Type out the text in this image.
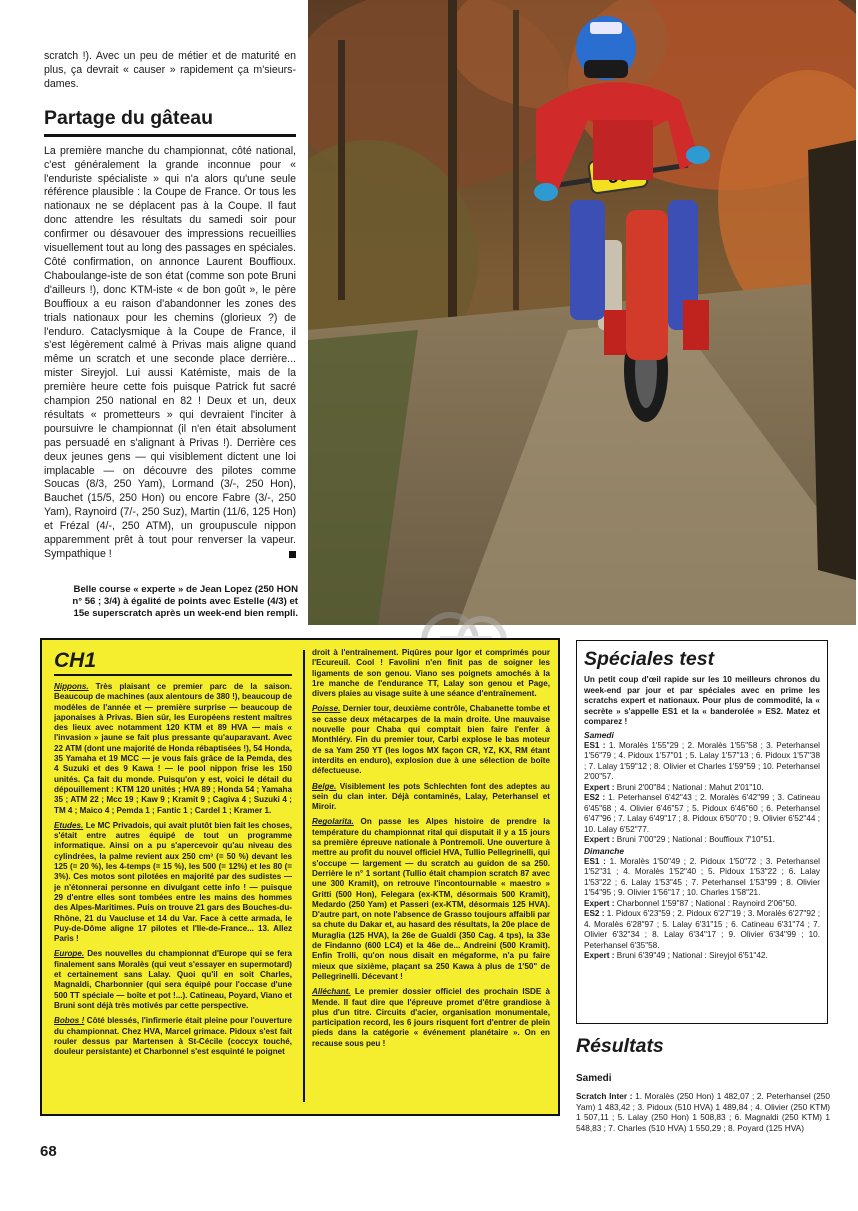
scratch !). Avec un peu de métier et de maturité en plus, ça devrait « causer » rapidement ça m'sieurs-dames.

Partage du gâteau

La première manche du championnat, côté national, c'est généralement la grande inconnue pour « l'enduriste spécialiste » qui n'a alors qu'une seule référence plausible : la Coupe de France. Or tous les nationaux ne se déplacent pas à la Coupe. Il faut donc attendre les résultats du samedi soir pour confirmer ou désavouer des impressions recueillies visuellement tout au long des passages en spéciales. Côté confirmation, on annonce Laurent Bouffioux. Chaboulange-iste de son état (comme son pote Bruni d'ailleurs !), donc KTM-iste « de bon goût », le père Bouffioux a eu raison d'abandonner les zones des trials nationaux pour les chemins (glorieux ?) de l'enduro. Cataclysmique à la Coupe de France, il s'est légèrement calmé à Privas mais aligne quand même un scratch et une seconde place derrière... mister Sireyjol. Lui aussi Katémiste, mais de la première heure cette fois puisque Patrick fut sacré champion 250 national en 82 ! Deux et un, deux résultats « prometteurs » qui devraient l'inciter à poursuivre le championnat (il n'en était absolument pas persuadé en s'alignant à Privas !). Derrière ces deux jeunes gens — qui visiblement dictent une loi implacable — on découvre des pilotes comme Soucas (8/3, 250 Yam), Lormand (3/-, 250 Hon), Bauchet (15/5, 250 Hon) ou encore Fabre (3/-, 250 Yam), Raynoird (7/-, 250 Suz), Martin (11/6, 125 Hon) et Frézal (4/-, 250 ATM), un groupuscule nippon apparemment prêt à tout pour renverser la vapeur. Sympathique !

Belle course « experte » de Jean Lopez (250 HON n° 56 ; 3/4) à égalité de points avec Estelle (4/3) et 15e superscratch après un week-end bien rempli.
CH1

Nippons. Très plaisant ce premier parc de la saison. Beaucoup de machines (aux alentours de 380 !), beaucoup de modèles de l'année et — première surprise — beaucoup de japonaises à Privas. Bien sûr, les Européens restent maîtres des lieux avec notamment 120 KTM et 89 HVA — mais « l'invasion » jaune se fait plus pressante qu'auparavant. Avec 22 ATM (dont une majorité de Honda rébaptisées !), 54 Honda, 35 Yamaha et 19 MCC — je vous fais grâce de la Pemda, des 4 Suzuki et des 9 Kawa ! — le pool nippon frise les 150 unités. Ça fait du monde. Puisqu'on y est, voici le détail du dépouillement : KTM 120 unités ; HVA 89 ; Honda 54 ; Yamaha 35 ; ATM 22 ; Mcc 19 ; Kaw 9 ; Kramit 9 ; Cagiva 4 ; Suzuki 4 ; TM 4 ; Maico 4 ; Pemda 1 ; Fantic 1 ; Cardel 1 ; Kramer 1.

Etudes. Le MC Privadois, qui avait plutôt bien fait les choses, s'était entre autres équipé de tout un programme informatique. Ainsi on a pu s'apercevoir qu'au niveau des cylindrées, la palme revient aux 250 cm³ (= 50 %) devant les 125 (= 20 %), les 4-temps (= 15 %), les 500 (= 12%) et les 80 (= 3%). Ces motos sont pilotées en majorité par des sudistes — je n'étonnerai personne en divulgant cette info ! — puisque 29 d'entre elles sont tombées entre les mains des hommes des Alpes-Maritimes. Puis on trouve 21 gars des Bouches-du-Rhône, 21 du Vaucluse et 14 du Var. Face à cette armada, le Puy-de-Dôme aligne 17 pilotes et l'Ile-de-France... 13. Allez Paris !

Europe. Des nouvelles du championnat d'Europe qui se fera finalement sans Moralès (qui veut s'essayer en supermotard) et certainement sans Lalay. Quoi qu'il en soit Charles, Magnaldi, Charbonnier (qui sera équipé pour l'occase d'une 500 TT spéciale — boîte et pot !...). Catineau, Poyard, Viano et Bruni sont déjà très motivés par cette perspective.

Bobos ! Côté blessés, l'infirmerie était pleine pour l'ouverture du championnat. Chez HVA, Marcel grimace. Pidoux s'est fait rouler dessus par Martensen à St-Cécile (coccyx touché, douleur persistante) et Charbonnel s'est esquinté le poignet

droit à l'entraînement. Piqûres pour Igor et comprimés pour l'Ecureuil. Cool ! Favolini n'en finit pas de soigner les ligaments de son genou. Viano ses poignets amochés à la 1re manche de l'endurance TT, Lalay son genou et Page, divers plaies au visage suite à une séance d'entraînement.

Poisse. Dernier tour, deuxième contrôle, Chabanette tombe et se casse deux métacarpes de la main droite. Une mauvaise nouvelle pour Chaba qui comptait bien faire l'enfer à Monthléry. Fin du premier tour, Carbi explose le bas moteur de sa Yam 250 YT (les logos MX façon CR, YZ, KX, RM étant interdits en enduro), explosion due à une sélection de boîte défectueuse.

Belge. Visiblement les pots Schlechten font des adeptes au sein du clan inter. Déjà contaminés, Lalay, Peterhansel et Miroir.

Regolarita. On passe les Alpes histoire de prendre la température du championnat rital qui disputait il y a 15 jours sa première épreuve nationale à Pontremoli. Une ouverture à mettre au profit du nouvel officiel HVA, Tullio Pellegrinelli, qui s'occupe — largement — du scratch au guidon de sa 250. Derrière le n° 1 sortant (Tullio était champion scratch 87 avec une 300 Kramit), on retrouve l'incontournable « maestro » Gritti (500 Hon), Felegara (ex-KTM, désormais 500 Kramit), Medardo (250 Yam) et Passeri (ex-KTM, désormais 125 HVA). D'autre part, on note l'absence de Grasso toujours affaibli par sa chute du Dakar et, au hasard des résultats, la 20e place de Muraglia (125 HVA), la 26e de Gualdi (350 Cag. 4 tps), la 33e de Findanno (600 LC4) et la 46e de... Andreini (500 Kramit). Enfin Trolli, qu'on nous disait en mégaforme, n'a pu faire mieux que sixième, plaçant sa 250 Kawa à plus de 1'50" de Pellegrinelli. Décevant !

Alléchant. Le premier dossier officiel des prochain ISDE à Mende. Il faut dire que l'épreuve promet d'être grandiose à plus d'un titre. Circuits d'acier, organisation monumentale, participation record, les 6 jours risquent fort d'entrer de plein pieds dans la catégorie « événement planétaire ». On en recause sous peu !

Spéciales test

Un petit coup d'œil rapide sur les 10 meilleurs chronos du week-end par jour et par spéciales avec en prime les scratchs expert et nationaux. Pour plus de commodité, la « secrète » s'appelle ES1 et la « banderolée » ES2. Matez et comparez !

Samedi

ES1 : 1. Moralès 1'55"29 ; 2. Moralès 1'55"58 ; 3. Peterhansel 1'56"79 ; 4. Pidoux 1'57"01 ; 5. Lalay 1'57"13 ; 6. Pidoux 1'57"38 ; 7. Lalay 1'59"12 ; 8. Olivier et Charles 1'59"59 ; 10. Peterhansel 2'00"57.

Expert : Bruni 2'00"84 ; National : Mahut 2'01"10.

ES2 : 1. Peterhansel 6'42"43 ; 2. Moralès 6'42"99 ; 3. Catineau 6'45"68 ; 4. Olivier 6'46"57 ; 5. Pidoux 6'46"60 ; 6. Peterhansel 6'47"96 ; 7. Lalay 6'49"17 ; 8. Pidoux 6'50"70 ; 9. Olivier 6'52"44 ; 10. Lalay 6'52"77.

Expert : Bruni 7'00"29 ; National : Bouffioux 7'10"51.

Dimanche

ES1 : 1. Moralès 1'50"49 ; 2. Pidoux 1'50"72 ; 3. Peterhansel 1'52"31 ; 4. Moralès 1'52"40 ; 5. Pidoux 1'53"22 ; 6. Lalay 1'53"22 ; 6. Lalay 1'53"45 ; 7. Peterhansel 1'53"99 ; 8. Olivier 1'54"95 ; 9. Olivier 1'56"17 ; 10. Charles 1'58"21.

Expert : Charbonnel 1'59"87 ; National : Raynoird 2'06"50.

ES2 : 1. Pidoux 6'23"59 ; 2. Pidoux 6'27"19 ; 3. Moralès 6'27"92 ; 4. Moralès 6'28"97 ; 5. Lalay 6'31"15 ; 6. Catineau 6'31"74 ; 7. Olivier 6'32"34 ; 8. Lalay 6'34"17 ; 9. Olivier 6'34"99 ; 10. Peterhansel 6'35"58.

Expert : Bruni 6'39"49 ; National : Sireyjol 6'51"42.

Résultats
Samedi

Scratch Inter : 1. Moralès (250 Hon) 1 482,07 ; 2. Peterhansel (250 Yam) 1 483,42 ; 3. Pidoux (510 HVA) 1 489,84 ; 4. Olivier (250 KTM) 1 507,11 ; 5. Lalay (250 Hon) 1 508,83 ; 6. Magnaldi (250 KTM) 1 548,83 ; 7. Charles (510 HVA) 1 550,29 ; 8. Poyard (125 HVA)

68
